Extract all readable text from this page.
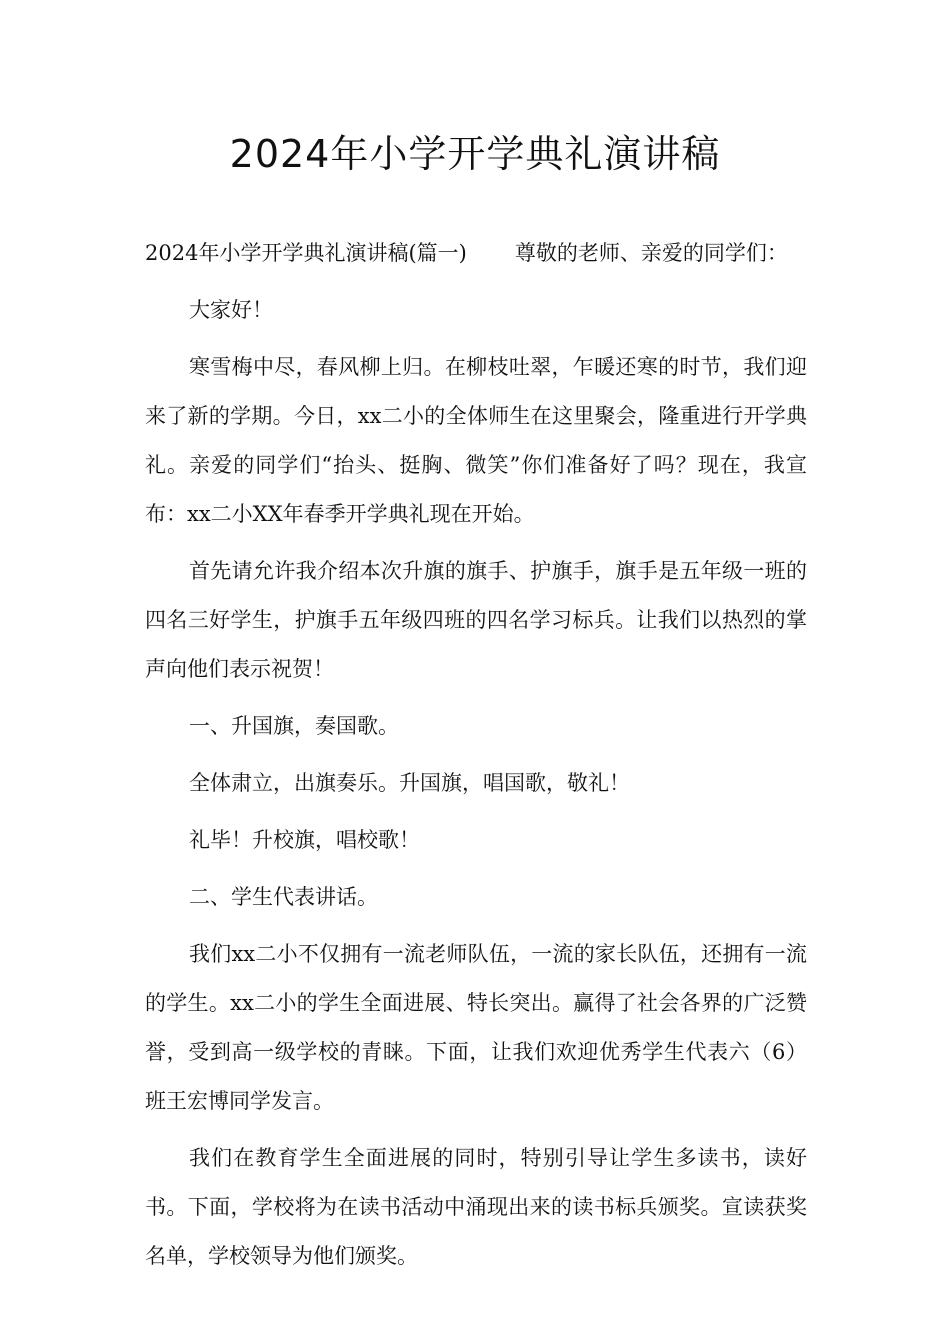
2024年小学开学典礼演讲稿

2024年小学开学典礼演讲稿(篇一) 尊敬的老师、亲爱的同学们：

大家好！

寒雪梅中尽，春风柳上归。在柳枝吐翠，乍暖还寒的时节，我们迎来了新的学期。今日，xx二小的全体师生在这里聚会，隆重进行开学典礼。亲爱的同学们“抬头、挺胸、微笑”你们准备好了吗？现在，我宣布：xx二小XX年春季开学典礼现在开始。

首先请允许我介绍本次升旗的旗手、护旗手，旗手是五年级一班的四名三好学生，护旗手五年级四班的四名学习标兵。让我们以热烈的掌声向他们表示祝贺！

一、升国旗，奏国歌。

全体肃立，出旗奏乐。升国旗，唱国歌，敬礼！

礼毕！升校旗，唱校歌！

二、学生代表讲话。

我们xx二小不仅拥有一流老师队伍，一流的家长队伍，还拥有一流的学生。xx二小的学生全面进展、特长突出。赢得了社会各界的广泛赞誉，受到高一级学校的青睐。下面，让我们欢迎优秀学生代表六（6）班王宏博同学发言。

我们在教育学生全面进展的同时，特别引导让学生多读书，读好书。下面，学校将为在读书活动中涌现出来的读书标兵颁奖。宣读获奖名单，学校领导为他们颁奖。
